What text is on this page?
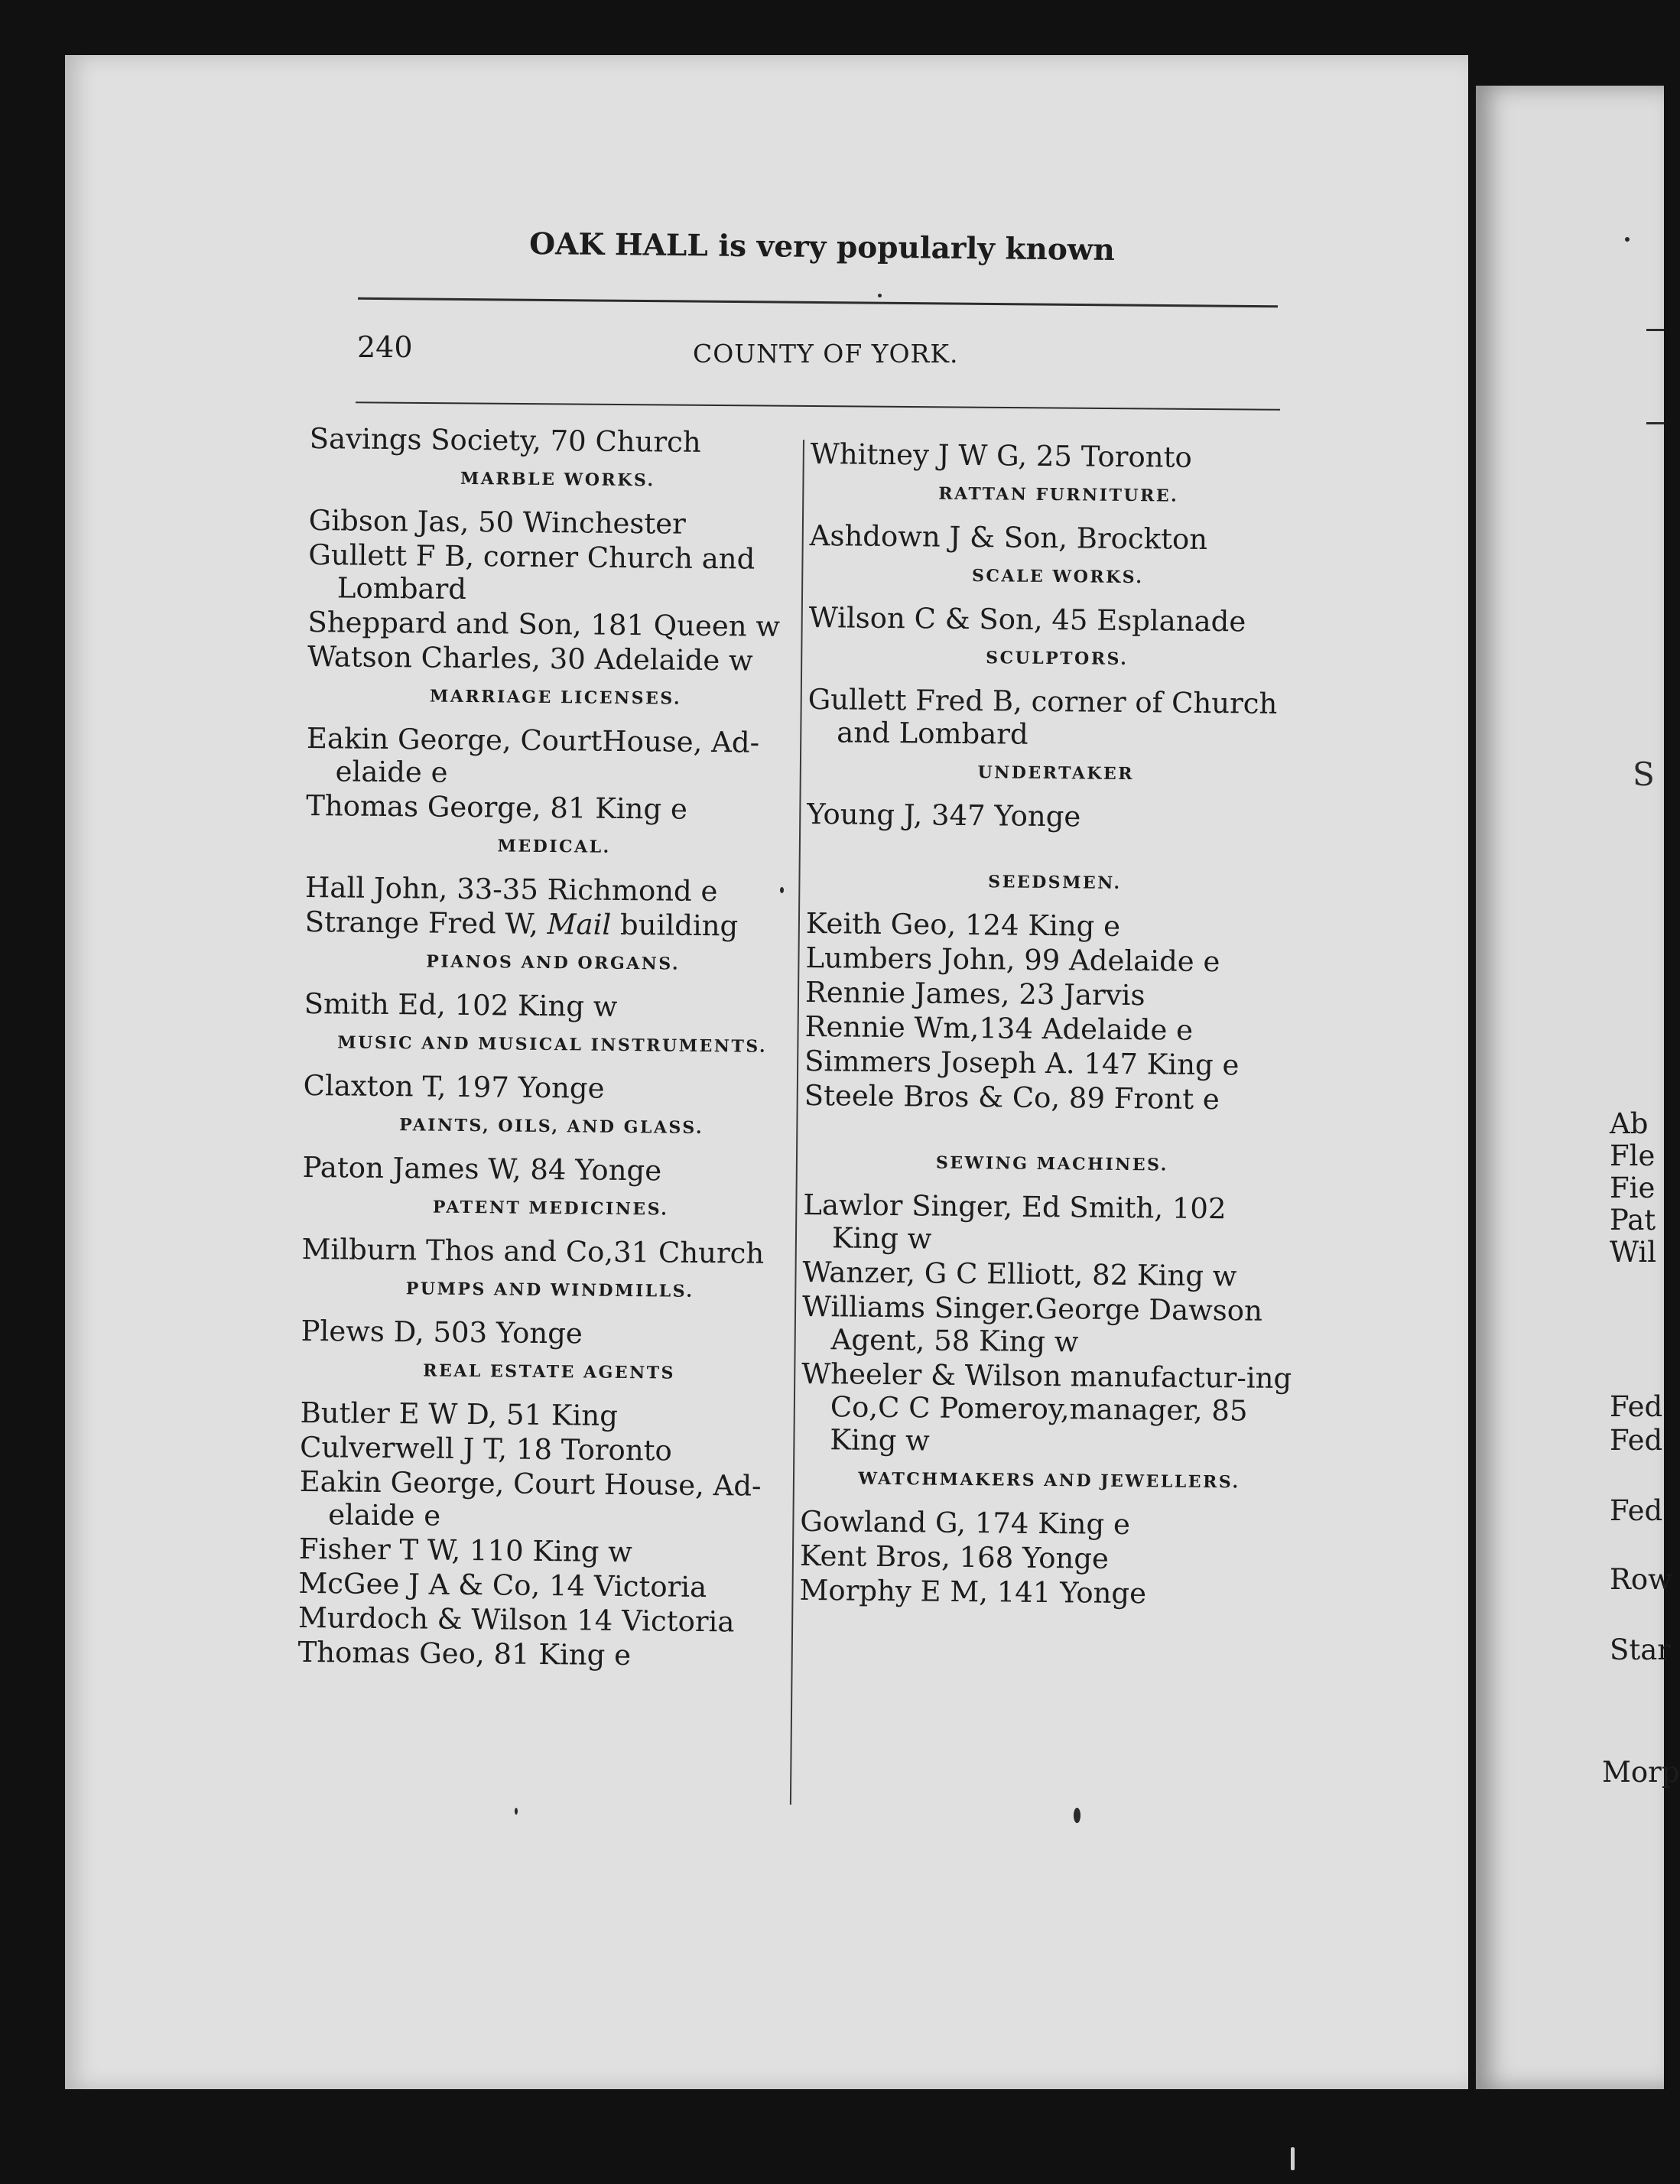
OAK HALL is very popularly known
240	COUNTY OF YORK.
Savings Society, 70 Church
MARBLE WORKS.
Gibson Jas, 50 Winchester
Gullett F B, corner Church and Lombard
Sheppard and Son, 181 Queen w
Watson Charles, 30 Adelaide w
MARRIAGE LICENSES.
Eakin George, CourtHouse, Ad-elaide e
Thomas George, 81 King e
MEDICAL.
Hall John, 33-35 Richmond e
Strange Fred W, Mail building
PIANOS AND ORGANS.
Smith Ed, 102 King w
MUSIC AND MUSICAL INSTRUMENTS.
Claxton T, 197 Yonge
PAINTS, OILS, AND GLASS.
Paton James W, 84 Yonge
PATENT MEDICINES.
Milburn Thos and Co,31 Church
PUMPS AND WINDMILLS.
Plews D, 503 Yonge
REAL ESTATE AGENTS
Butler E W D, 51 King
Culverwell J T, 18 Toronto
Eakin George, Court House, Ad-elaide e
Fisher T W, 110 King w
McGee J A & Co, 14 Victoria
Murdoch & Wilson 14 Victoria
Thomas Geo, 81 King e
Whitney J W G, 25 Toronto
RATTAN FURNITURE.
Ashdown J & Son, Brockton
SCALE WORKS.
Wilson C & Son, 45 Esplanade
SCULPTORS.
Gullett Fred B, corner of Church and Lombard
UNDERTAKER
Young J, 347 Yonge
SEEDSMEN.
Keith Geo, 124 King e
Lumbers John, 99 Adelaide e
Rennie James, 23 Jarvis
Rennie Wm,134 Adelaide e
Simmers Joseph A. 147 King e
Steele Bros & Co, 89 Front e
SEWING MACHINES.
Lawlor Singer, Ed Smith, 102 King w
Wanzer, G C Elliott, 82 King w
Williams Singer.George Dawson Agent, 58 King w
Wheeler & Wilson manufactur-ing Co,C C Pomeroy,manager, 85 King w
WATCHMAKERS AND JEWELLERS.
Gowland G, 174 King e
Kent Bros, 168 Yonge
Morphy E M, 141 Yonge
S
Ab
Fle
Fie
Pat
Wil
Fed
Fed
Fed
Row
Star
Morp
